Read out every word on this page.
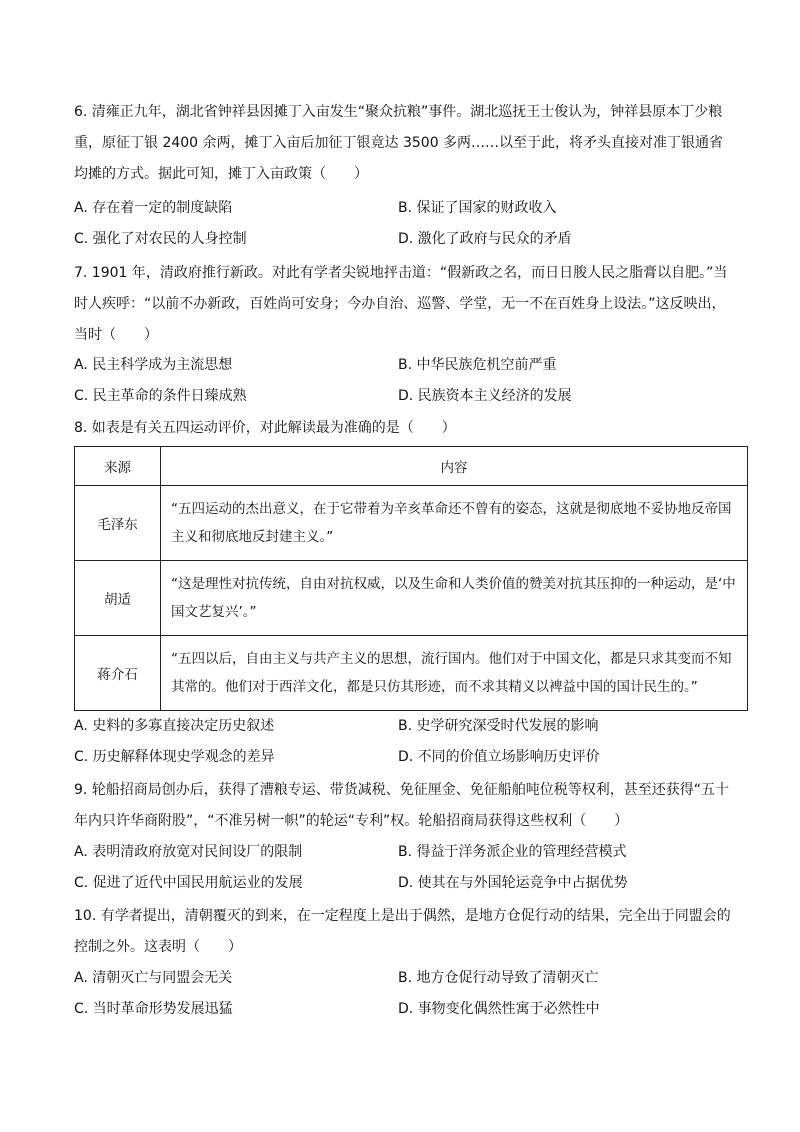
6. 清雍正九年，湖北省钟祥县因摊丁入亩发生“聚众抗粮”事件。湖北巡抚王士俊认为，钟祥县原本丁少粮重，原征丁银 2400 余两，摊丁入亩后加征丁银竟达 3500 多两……以至于此，将矛头直接对准丁银通省均摊的方式。据此可知，摊丁入亩政策（　　）
A. 存在着一定的制度缺陷	B. 保证了国家的财政收入
C. 强化了对农民的人身控制	D. 激化了政府与民众的矛盾
7. 1901 年，清政府推行新政。对此有学者尖锐地抨击道：“假新政之名，而日日朘人民之脂膏以自肥。”当时人疾呼：“以前不办新政，百姓尚可安身；今办自治、巡警、学堂，无一不在百姓身上设法。”这反映出，当时（　　）
A. 民主科学成为主流思想	B. 中华民族危机空前严重
C. 民主革命的条件日臻成熟	D. 民族资本主义经济的发展
8. 如表是有关五四运动评价，对此解读最为准确的是（　　）
来源	内容
毛泽东	“五四运动的杰出意义，在于它带着为辛亥革命还不曾有的姿态，这就是彻底地不妥协地反帝国主义和彻底地反封建主义。”
胡适	“这是理性对抗传统，自由对抗权威，以及生命和人类价值的赞美对抗其压抑的一种运动，是‘中国文艺复兴’。”
蒋介石	“五四以后，自由主义与共产主义的思想，流行国内。他们对于中国文化，都是只求其变而不知其常的。他们对于西洋文化，都是只仿其形迹，而不求其精义以裨益中国的国计民生的。”
A. 史料的多寡直接决定历史叙述	B. 史学研究深受时代发展的影响
C. 历史解释体现史学观念的差异	D. 不同的价值立场影响历史评价
9. 轮船招商局创办后，获得了漕粮专运、带货减税、免征厘金、免征船舶吨位税等权利，甚至还获得“五十年内只许华商附股”，“不准另树一帜”的轮运“专利”权。轮船招商局获得这些权利（　　）
A. 表明清政府放宽对民间设厂的限制	B. 得益于洋务派企业的管理经营模式
C. 促进了近代中国民用航运业的发展	D. 使其在与外国轮运竞争中占据优势
10. 有学者提出，清朝覆灭的到来，在一定程度上是出于偶然，是地方仓促行动的结果，完全出于同盟会的控制之外。这表明（　　）
A. 清朝灭亡与同盟会无关	B. 地方仓促行动导致了清朝灭亡
C. 当时革命形势发展迅猛	D. 事物变化偶然性寓于必然性中
